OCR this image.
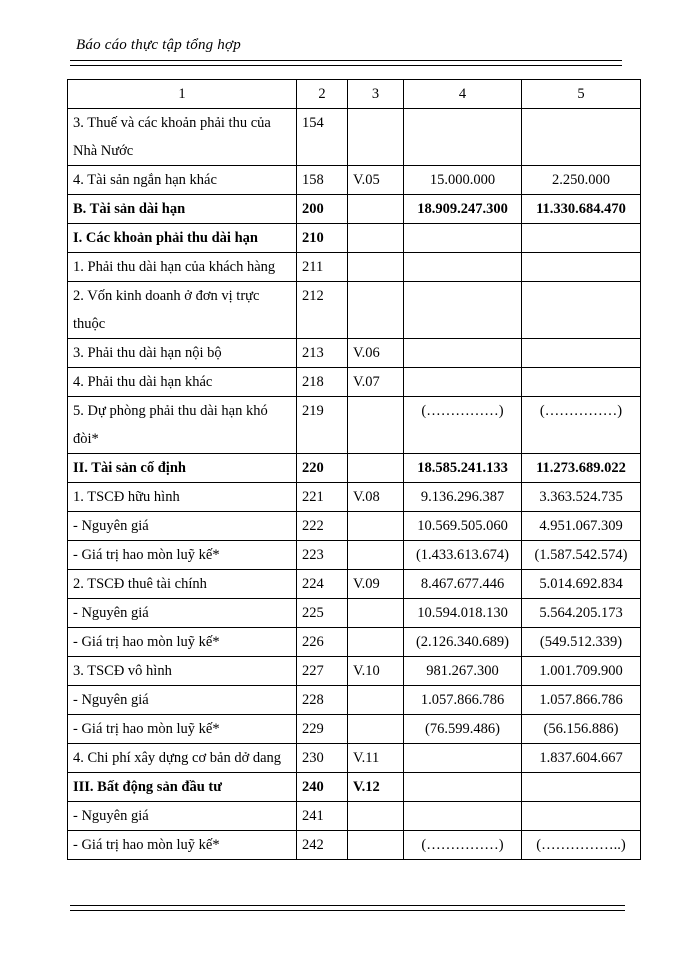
Báo cáo thực tập tổng hợp
1	2	3	4	5
3. Thuế và các khoản phải thu của Nhà Nước	154			
4. Tài sản ngắn hạn khác	158	V.05	15.000.000	2.250.000
B. Tài sản dài hạn	200		18.909.247.300	11.330.684.470
I. Các khoản phải thu dài hạn	210			
1. Phải thu dài hạn của khách hàng	211			
2. Vốn kinh doanh ở đơn vị trực thuộc	212			
3. Phải thu dài hạn nội bộ	213	V.06		
4. Phải thu dài hạn khác	218	V.07		
5. Dự phòng phải thu dài hạn khó đòi*	219		(……………)	(……………)
II. Tài sản cố định	220		18.585.241.133	11.273.689.022
1. TSCĐ hữu hình	221	V.08	9.136.296.387	3.363.524.735
- Nguyên giá	222		10.569.505.060	4.951.067.309
- Giá trị hao mòn luỹ kế*	223		(1.433.613.674)	(1.587.542.574)
2. TSCĐ thuê tài chính	224	V.09	8.467.677.446	5.014.692.834
- Nguyên giá	225		10.594.018.130	5.564.205.173
- Giá trị hao mòn luỹ kế*	226		(2.126.340.689)	(549.512.339)
3. TSCĐ vô hình	227	V.10	981.267.300	1.001.709.900
- Nguyên giá	228		1.057.866.786	1.057.866.786
- Giá trị hao mòn luỹ kế*	229		(76.599.486)	(56.156.886)
4. Chi phí xây dựng cơ bản dở dang	230	V.11		1.837.604.667
III. Bất động sản đầu tư	240	V.12		
- Nguyên giá	241			
- Giá trị hao mòn luỹ kế*	242		(……………)	(……………..)
